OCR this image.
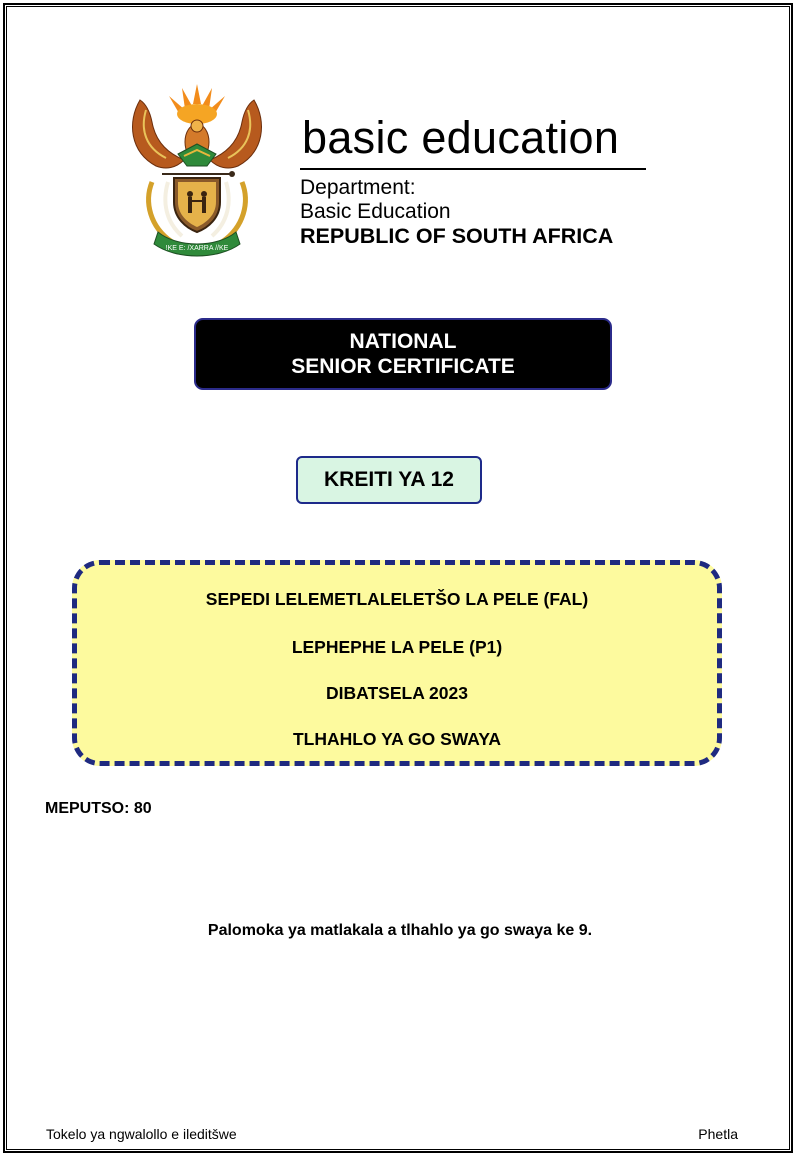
!KE E: /XARRA //KE

basic education

Department:
Basic Education
REPUBLIC OF SOUTH AFRICA
NATIONAL
SENIOR CERTIFICATE
KREITI YA 12
SEPEDI LELEMETLALELETŠO LA PELE (FAL)
LEPHEPHE LA PELE (P1)
DIBATSELA 2023
TLHAHLO YA GO SWAYA
MEPUTSO: 80
Palomoka ya matlakala a tlhahlo ya go swaya ke 9.
Tokelo ya ngwalollo e ileditšwe	Phetla
